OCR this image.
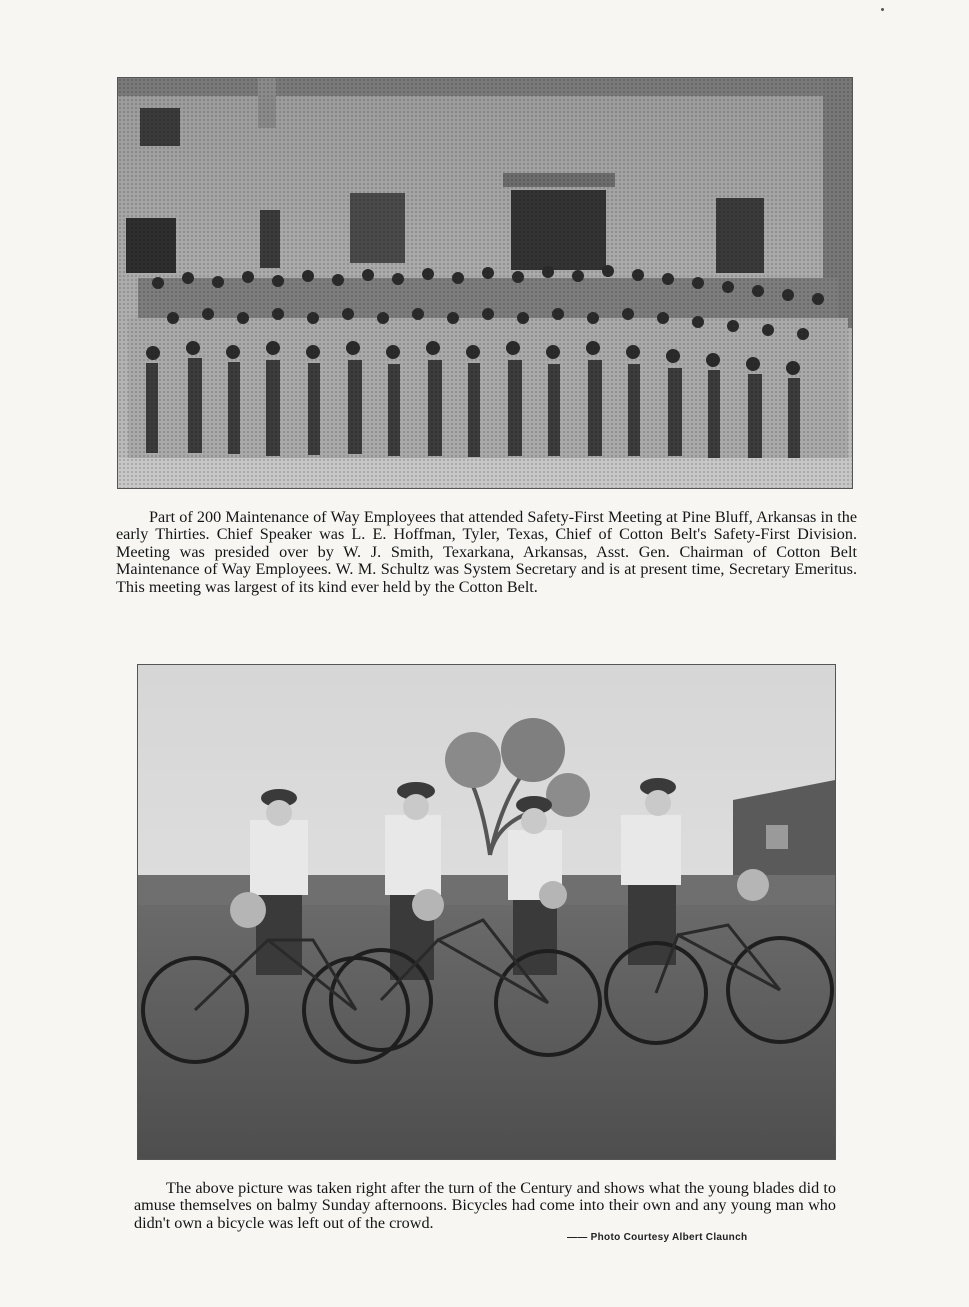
Part of 200 Maintenance of Way Employees that attended Safety-First Meeting at Pine Bluff, Arkansas in the early Thirties. Chief Speaker was L. E. Hoffman, Tyler, Texas, Chief of Cotton Belt's Safety-First Division. Meeting was presided over by W. J. Smith, Texarkana, Arkansas, Asst. Gen. Chairman of Cotton Belt Maintenance of Way Employees. W. M. Schultz was System Secretary and is at present time, Secretary Emeritus. This meeting was largest of its kind ever held by the Cotton Belt.

The above picture was taken right after the turn of the Century and shows what the young blades did to amuse themselves on balmy Sunday afternoons. Bicycles had come into their own and any young man who didn't own a bicycle was left out of the crowd.

—— Photo Courtesy Albert Claunch
